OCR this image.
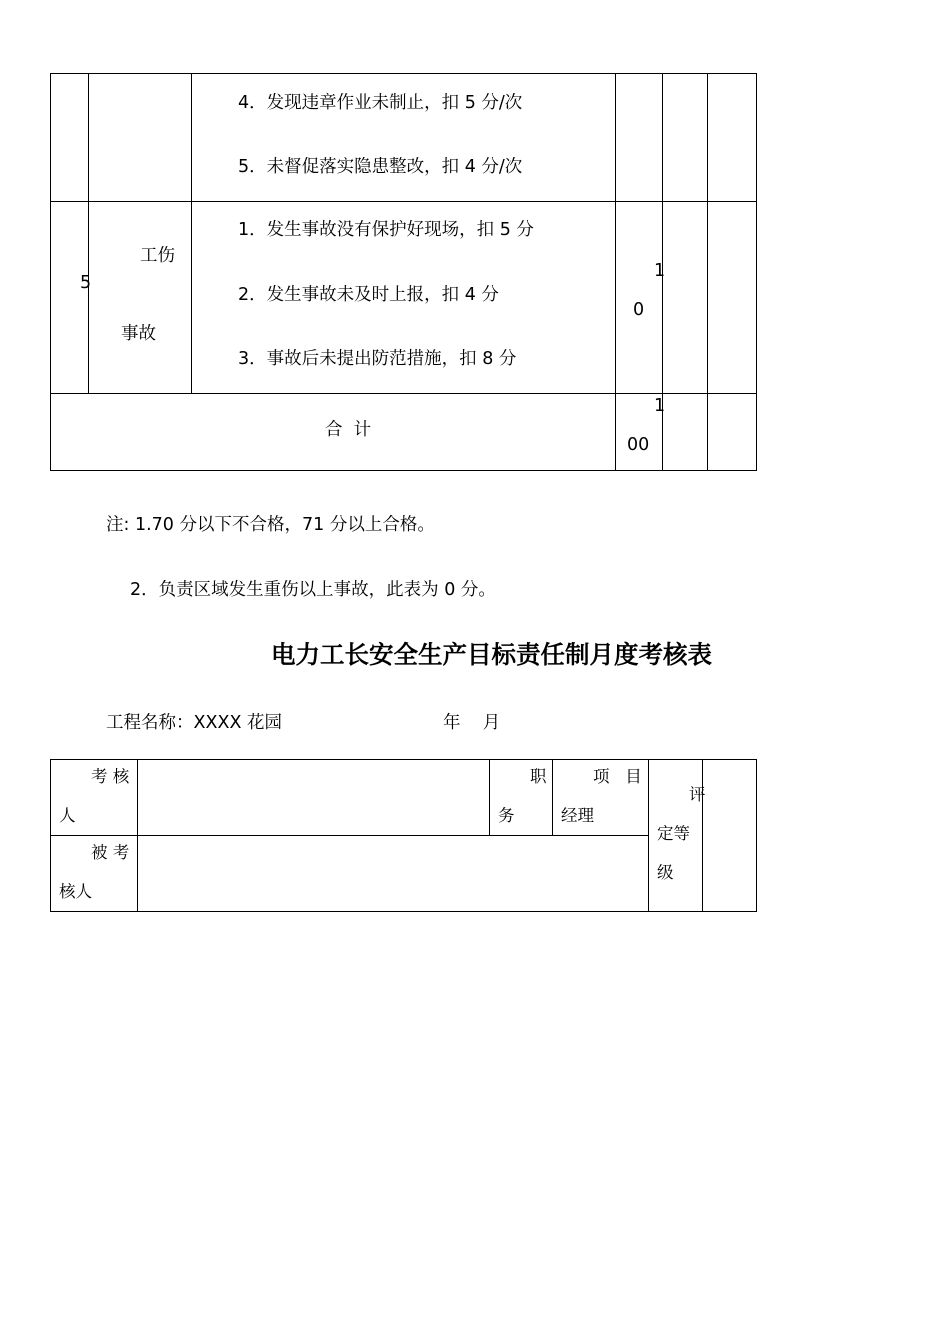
4．发现违章作业未制止，扣 5 分/次
5．未督促落实隐患整改，扣 4 分/次
5
工伤
事故
1．发生事故没有保护好现场，扣 5 分
2．发生事故未及时上报，扣 4 分
3．事故后未提出防范措施，扣 8 分
1
0
合  计
1
00
注: 1.70 分以下不合格，71 分以上合格。
2．负责区域发生重伤以上事故，此表为 0 分。
电力工长安全生产目标责任制月度考核表
工程名称：XXXX 花园	年    月
考 核
人
职
务
项   目
经理
评
定等
级
被 考
核人
